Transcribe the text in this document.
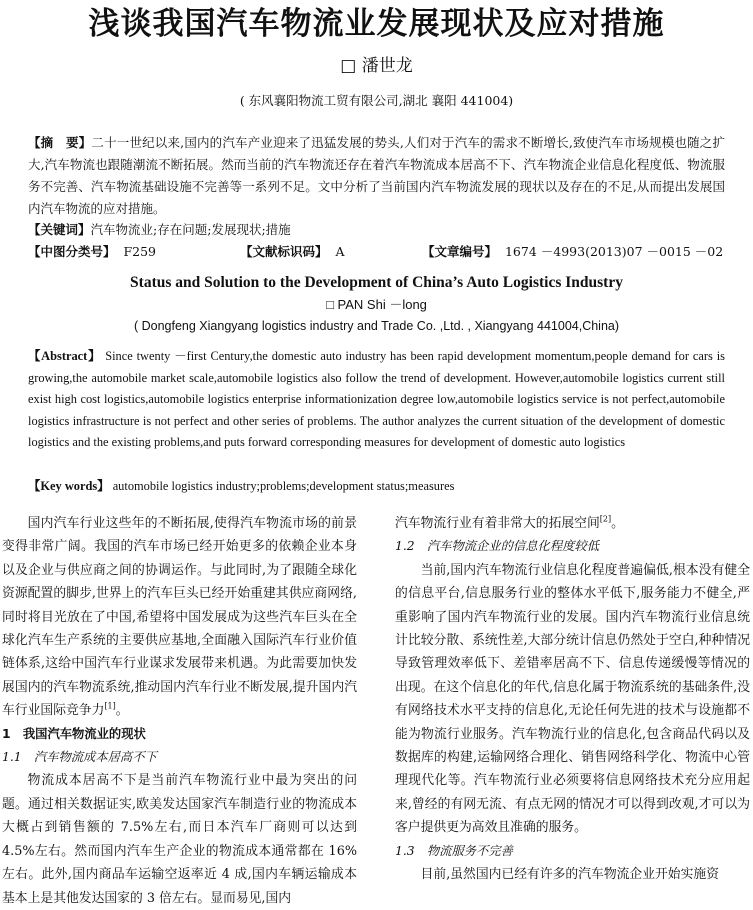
浅谈我国汽车物流业发展现状及应对措施
□ 潘世龙
( 东风襄阳物流工贸有限公司,湖北 襄阳 441004)
【摘　要】二十一世纪以来,国内的汽车产业迎来了迅猛发展的势头,人们对于汽车的需求不断增长,致使汽车市场规模也随之扩大,汽车物流也跟随潮流不断拓展。然而当前的汽车物流还存在着汽车物流成本居高不下、汽车物流企业信息化程度低、物流服务不完善、汽车物流基础设施不完善等一系列不足。文中分析了当前国内汽车物流发展的现状以及存在的不足,从而提出发展国内汽车物流的应对措施。
【关键词】汽车物流业;存在问题;发展现状;措施
【中图分类号】 F259	【文献标识码】 A	【文章编号】 1674 －4993(2013)07 －0015 －02
Status and Solution to the Development of China’s Auto Logistics Industry
□ PAN Shi －long
( Dongfeng Xiangyang logistics industry and Trade Co. ,Ltd. , Xiangyang 441004,China)
【Abstract】 Since twenty －first Century,the domestic auto industry has been rapid development momentum,people demand for cars is growing,the automobile market scale,automobile logistics also follow the trend of development. However,automobile logistics current still exist high cost logistics,automobile logistics enterprise informationization degree low,automobile logistics service is not perfect,automobile logistics infrastructure is not perfect and other series of problems. The author analyzes the current situation of the development of domestic logistics and the existing problems,and puts forward corresponding measures for development of domestic auto logistics
【Key words】 automobile logistics industry;problems;development status;measures

国内汽车行业这些年的不断拓展,使得汽车物流市场的前景变得非常广阔。我国的汽车市场已经开始更多的依赖企业本身以及企业与供应商之间的协调运作。与此同时,为了跟随全球化资源配置的脚步,世界上的汽车巨头已经开始重建其供应商网络,同时将目光放在了中国,希望将中国发展成为这些汽车巨头在全球化汽车生产系统的主要供应基地,全面融入国际汽车行业价值链体系,这给中国汽车行业谋求发展带来机遇。为此需要加快发展国内的汽车物流系统,推动国内汽车行业不断发展,提升国内汽车行业国际竞争力[1]。

1　我国汽车物流业的现状
1.1　汽车物流成本居高不下

物流成本居高不下是当前汽车物流行业中最为突出的问题。通过相关数据证实,欧美发达国家汽车制造行业的物流成本大概占到销售额的 7.5%左右,而日本汽车厂商则可以达到 4.5%左右。然而国内汽车生产企业的物流成本通常都在 16%左右。此外,国内商品车运输空返率近 4 成,国内车辆运输成本基本上是其他发达国家的 3 倍左右。显而易见,国内

汽车物流行业有着非常大的拓展空间[2]。

1.2　汽车物流企业的信息化程度较低

当前,国内汽车物流行业信息化程度普遍偏低,根本没有健全的信息平台,信息服务行业的整体水平低下,服务能力不健全,严重影响了国内汽车物流行业的发展。国内汽车物流行业信息统计比较分散、系统性差,大部分统计信息仍然处于空白,种种情况导致管理效率低下、差错率居高不下、信息传递缓慢等情况的出现。在这个信息化的年代,信息化属于物流系统的基础条件,没有网络技术水平支持的信息化,无论任何先进的技术与设施都不能为物流行业服务。汽车物流行业的信息化,包含商品代码以及数据库的构建,运输网络合理化、销售网络科学化、物流中心管理现代化等。汽车物流行业必须要将信息网络技术充分应用起来,曾经的有网无流、有点无网的情况才可以得到改观,才可以为客户提供更为高效且准确的服务。

1.3　物流服务不完善

目前,虽然国内已经有许多的汽车物流企业开始实施资
